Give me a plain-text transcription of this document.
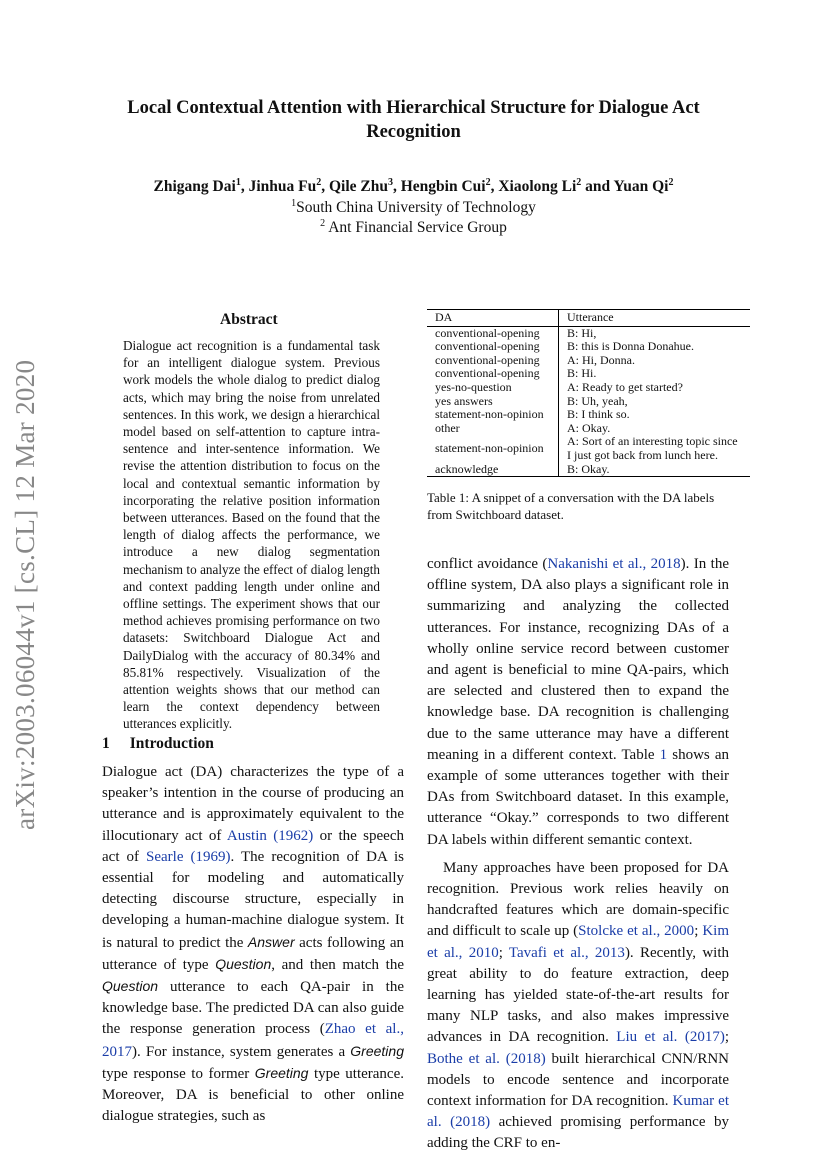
arXiv:2003.06044v1 [cs.CL] 12 Mar 2020
Local Contextual Attention with Hierarchical Structure for Dialogue Act Recognition
Zhigang Dai$^1$, Jinhua Fu$^2$, Qile Zhu$^3$, Hengbin Cui$^2$, Xiaolong Li$^2$ and Yuan Qi$^2$
$^1$South China University of Technology
$^2$ Ant Financial Service Group
Abstract

Dialogue act recognition is a fundamental task for an intelligent dialogue system. Previous work models the whole dialog to predict dialog acts, which may bring the noise from unrelated sentences. In this work, we design a hierarchical model based on self-attention to capture intra-sentence and inter-sentence information. We revise the attention distribution to focus on the local and contextual semantic information by incorporating the relative position information between utterances. Based on the found that the length of dialog affects the performance, we introduce a new dialog segmentation mechanism to analyze the effect of dialog length and context padding length under online and offline settings. The experiment shows that our method achieves promising performance on two datasets: Switchboard Dialogue Act and DailyDialog with the accuracy of 80.34% and 85.81% respectively. Visualization of the attention weights shows that our method can learn the context dependency between utterances explicitly.

1 Introduction

Dialogue act (DA) characterizes the type of a speaker’s intention in the course of producing an utterance and is approximately equivalent to the illocutionary act of Austin (1962) or the speech act of Searle (1969). The recognition of DA is essential for modeling and automatically detecting discourse structure, especially in developing a human-machine dialogue system. It is natural to predict the Answer acts following an utterance of type Question, and then match the Question utterance to each QA-pair in the knowledge base. The predicted DA can also guide the response generation process (Zhao et al., 2017). For instance, system generates a Greeting type response to former Greeting type utterance. Moreover, DA is beneficial to other online dialogue strategies, such as

DA	Utterance
conventional-opening	B: Hi,
conventional-opening	B: this is Donna Donahue.
conventional-opening	A: Hi, Donna.
conventional-opening	B: Hi.
yes-no-question	A: Ready to get started?
yes answers	B: Uh, yeah,
statement-non-opinion	B: I think so.
other	A: Okay.
statement-non-opinion	A: Sort of an interesting topic since I just got back from lunch here.
acknowledge	B: Okay.
Table 1: A snippet of a conversation with the DA labels from Switchboard dataset.

conflict avoidance (Nakanishi et al., 2018). In the offline system, DA also plays a significant role in summarizing and analyzing the collected utterances. For instance, recognizing DAs of a wholly online service record between customer and agent is beneficial to mine QA-pairs, which are selected and clustered then to expand the knowledge base. DA recognition is challenging due to the same utterance may have a different meaning in a different context. Table 1 shows an example of some utterances together with their DAs from Switchboard dataset. In this example, utterance “Okay.” corresponds to two different DA labels within different semantic context.

Many approaches have been proposed for DA recognition. Previous work relies heavily on handcrafted features which are domain-specific and difficult to scale up (Stolcke et al., 2000; Kim et al., 2010; Tavafi et al., 2013). Recently, with great ability to do feature extraction, deep learning has yielded state-of-the-art results for many NLP tasks, and also makes impressive advances in DA recognition. Liu et al. (2017); Bothe et al. (2018) built hierarchical CNN/RNN models to encode sentence and incorporate context information for DA recognition. Kumar et al. (2018) achieved promising performance by adding the CRF to en-
